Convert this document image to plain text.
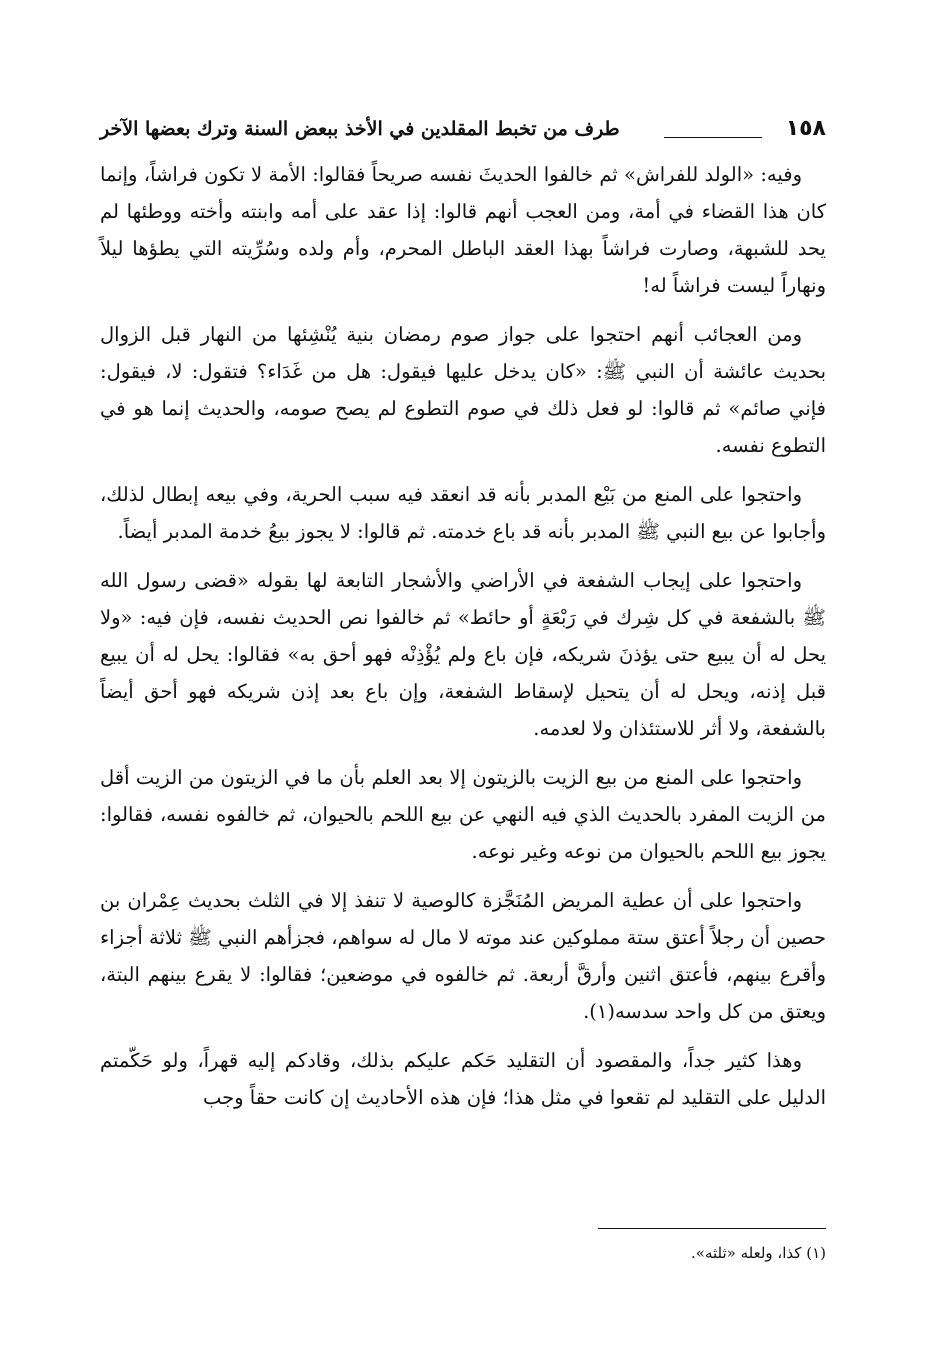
١٥٨
طرف من تخبط المقلدين في الأخذ ببعض السنة وترك بعضها الآخر

وفيه: «الولد للفراش» ثم خالفوا الحديثَ نفسه صريحاً فقالوا: الأمة لا تكون فراشاً، وإنما كان هذا القضاء في أمة، ومن العجب أنهم قالوا: إذا عقد على أمه وابنته وأخته ووطئها لم يحد للشبهة، وصارت فراشاً بهذا العقد الباطل المحرم، وأم ولده وسُرِّيته التي يطؤها ليلاً ونهاراً ليست فراشاً له!

ومن العجائب أنهم احتجوا على جواز صوم رمضان بنية يُنْشِئها من النهار قبل الزوال بحديث عائشة أن النبي ﷺ: «كان يدخل عليها فيقول: هل من غَدَاء؟ فتقول: لا، فيقول: فإني صائم» ثم قالوا: لو فعل ذلك في صوم التطوع لم يصح صومه، والحديث إنما هو في التطوع نفسه.

واحتجوا على المنع من بَيْع المدبر بأنه قد انعقد فيه سبب الحرية، وفي بيعه إبطال لذلك، وأجابوا عن بيع النبي ﷺ المدبر بأنه قد باع خدمته. ثم قالوا: لا يجوز بيعُ خدمة المدبر أيضاً.

واحتجوا على إيجاب الشفعة في الأراضي والأشجار التابعة لها بقوله «قضى رسول الله ﷺ بالشفعة في كل شِرك في رَبْعَةٍ أو حائط» ثم خالفوا نص الحديث نفسه، فإن فيه: «ولا يحل له أن يبيع حتى يؤذنَ شريكه، فإن باع ولم يُؤْذِنْه فهو أحق به» فقالوا: يحل له أن يبيع قبل إذنه، ويحل له أن يتحيل لإسقاط الشفعة، وإن باع بعد إذن شريكه فهو أحق أيضاً بالشفعة، ولا أثر للاستئذان ولا لعدمه.

واحتجوا على المنع من بيع الزيت بالزيتون إلا بعد العلم بأن ما في الزيتون من الزيت أقل من الزيت المفرد بالحديث الذي فيه النهي عن بيع اللحم بالحيوان، ثم خالفوه نفسه، فقالوا: يجوز بيع اللحم بالحيوان من نوعه وغير نوعه.

واحتجوا على أن عطية المريض المُنَجَّزة كالوصية لا تنفذ إلا في الثلث بحديث عِمْران بن حصين أن رجلاً أعتق ستة مملوكين عند موته لا مال له سواهم، فجزأهم النبي ﷺ ثلاثة أجزاء وأقرع بينهم، فأعتق اثنين وأرقَّ أربعة. ثم خالفوه في موضعين؛ فقالوا: لا يقرع بينهم البتة، ويعتق من كل واحد سدسه(١).

وهذا كثير جداً، والمقصود أن التقليد حَكم عليكم بذلك، وقادكم إليه قهراً، ولو حَكّمتم الدليل على التقليد لم تقعوا في مثل هذا؛ فإن هذه الأحاديث إن كانت حقاً وجب

(١) كذا، ولعله «ثلثه».
